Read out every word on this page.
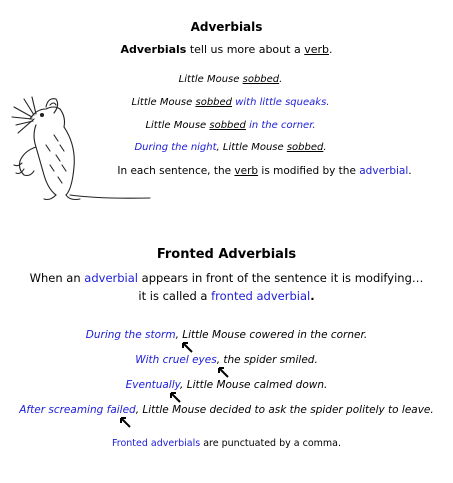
Adverbials
Adverbials tell us more about a verb.
Little Mouse sobbed.
Little Mouse sobbed with little squeaks.
Little Mouse sobbed in the corner.
During the night, Little Mouse sobbed.
In each sentence, the verb is modified by the adverbial.
Fronted Adverbials
When an adverbial appears in front of the sentence it is modifying…
it is called a fronted adverbial.
During the storm, Little Mouse cowered in the corner.
With cruel eyes, the spider smiled.
Eventually, Little Mouse calmed down.
After screaming failed, Little Mouse decided to ask the spider politely to leave.
Fronted adverbials are punctuated by a comma.
